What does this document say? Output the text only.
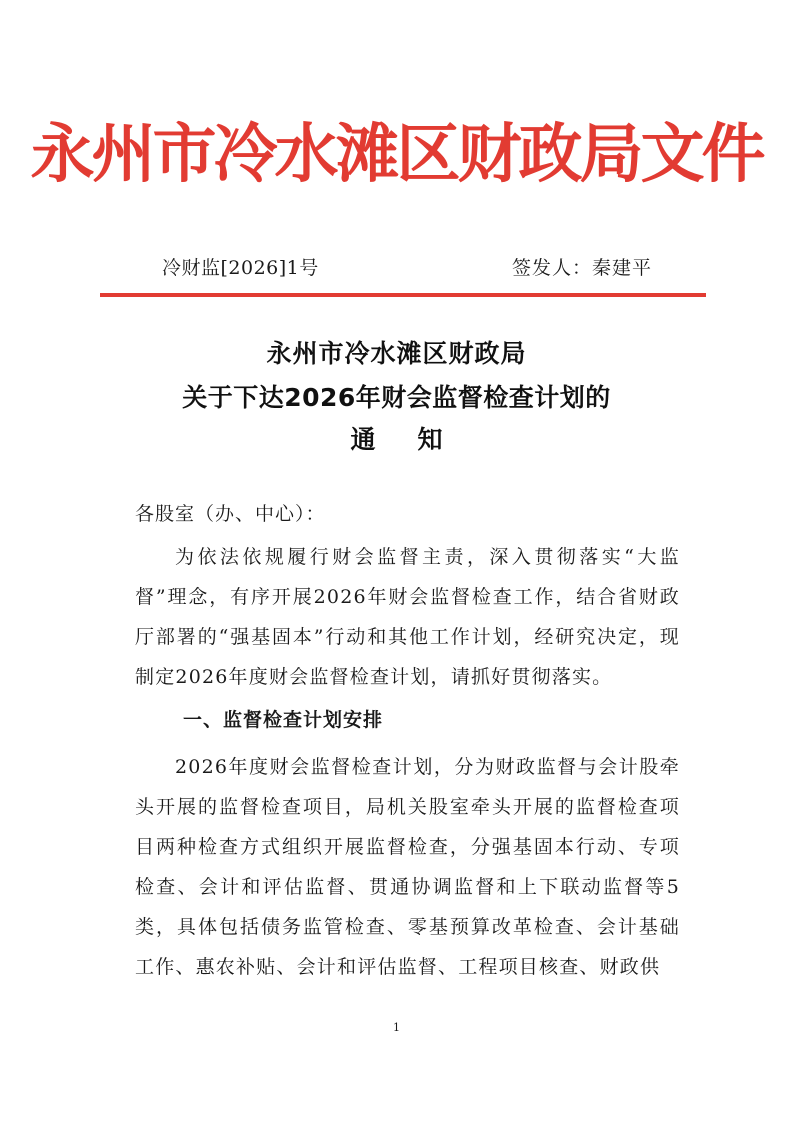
永州市冷水滩区财政局文件
冷财监[2026]1号	签发人：秦建平
永州市冷水滩区财政局
关于下达2026年财会监督检查计划的
通知
各股室（办、中心）：

为依法依规履行财会监督主责，深入贯彻落实“大监督”理念，有序开展2026年财会监督检查工作，结合省财政厅部署的“强基固本”行动和其他工作计划，经研究决定，现制定2026年度财会监督检查计划，请抓好贯彻落实。

一、监督检查计划安排

2026年度财会监督检查计划，分为财政监督与会计股牵头开展的监督检查项目，局机关股室牵头开展的监督检查项目两种检查方式组织开展监督检查，分强基固本行动、专项检查、会计和评估监督、贯通协调监督和上下联动监督等5类，具体包括债务监管检查、零基预算改革检查、会计基础工作、惠农补贴、会计和评估监督、工程项目核查、财政供

1
